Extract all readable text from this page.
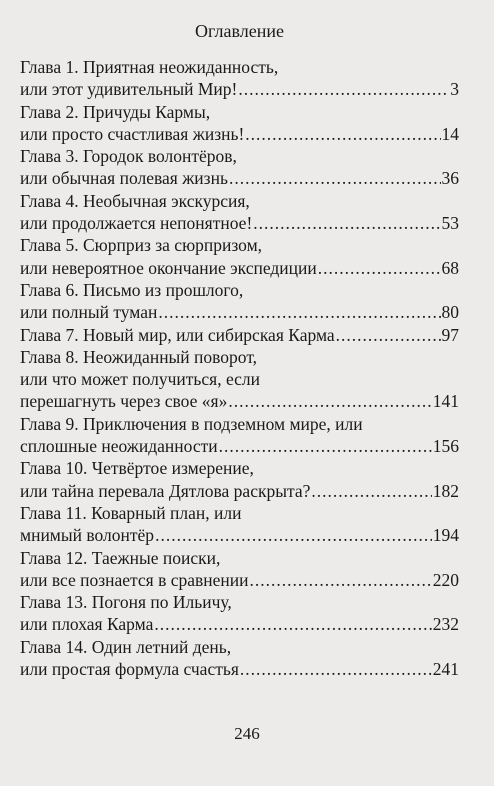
Оглавление
Глава 1. Приятная неожиданность,
или этот удивительный Мир! .....	3
Глава 2. Причуды Кармы,
или просто счастливая жизнь! .....	14
Глава 3. Городок волонтёров,
или обычная полевая жизнь .....	36
Глава 4. Необычная экскурсия,
или продолжается непонятное! .....	53
Глава 5. Сюрприз за сюрпризом,
или невероятное окончание экспедиции .....	68
Глава 6. Письмо из прошлого,
или полный туман .....	80
Глава 7. Новый мир, или сибирская Карма .....	97
Глава 8. Неожиданный поворот,
или что может получиться, если
перешагнуть через свое «я» .....	141
Глава 9. Приключения в подземном мире, или
сплошные неожиданности .....	156
Глава 10. Четвёртое измерение,
или тайна перевала Дятлова раскрыта? .....	182
Глава 11. Коварный план, или
мнимый волонтёр .....	194
Глава 12. Таежные поиски,
или все познается в сравнении .....	220
Глава 13. Погоня по Ильичу,
или плохая Карма .....	232
Глава 14. Один летний день,
или простая формула счастья .....	241
246
